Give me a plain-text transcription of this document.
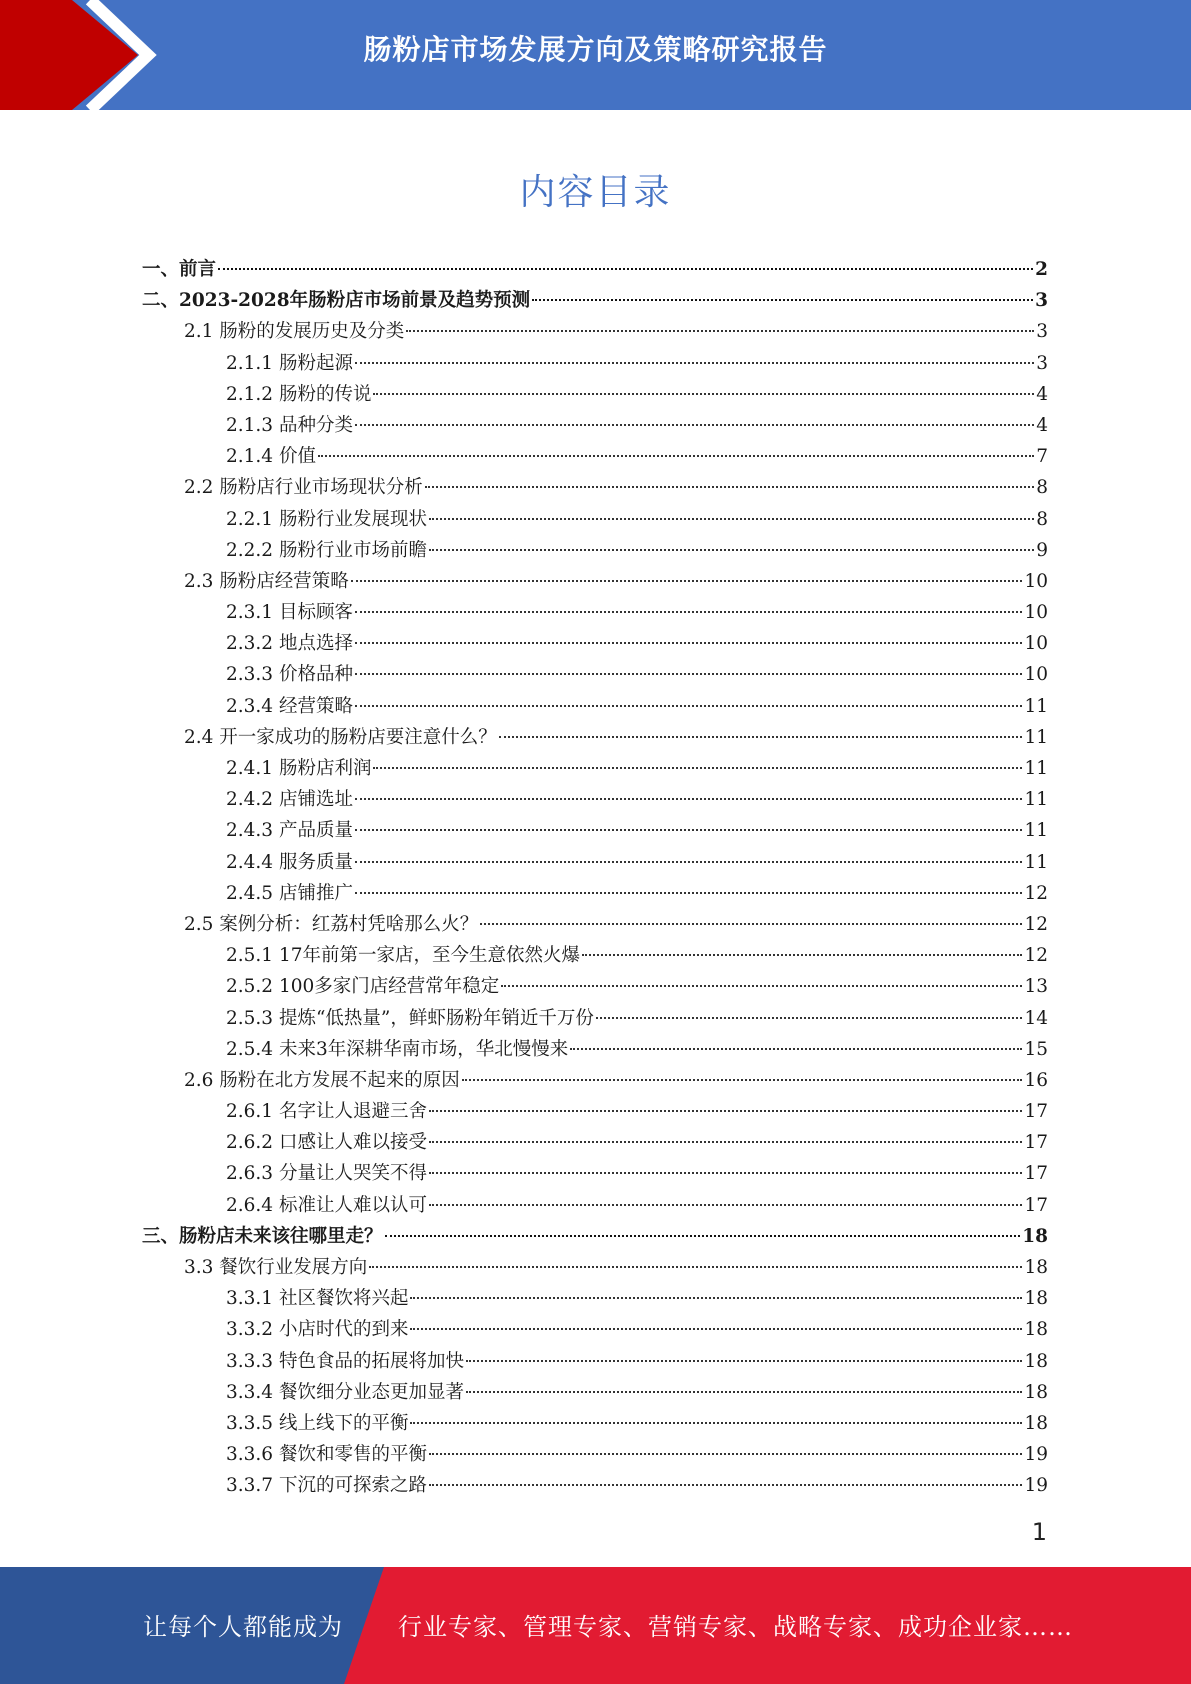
肠粉店市场发展方向及策略研究报告
内容目录
一、前言	2
二、2023-2028年肠粉店市场前景及趋势预测	3
2.1 肠粉的发展历史及分类	3
2.1.1 肠粉起源	3
2.1.2 肠粉的传说	4
2.1.3 品种分类	4
2.1.4 价值	7
2.2 肠粉店行业市场现状分析	8
2.2.1 肠粉行业发展现状	8
2.2.2 肠粉行业市场前瞻	9
2.3 肠粉店经营策略	10
2.3.1 目标顾客	10
2.3.2 地点选择	10
2.3.3 价格品种	10
2.3.4 经营策略	11
2.4 开一家成功的肠粉店要注意什么？	11
2.4.1 肠粉店利润	11
2.4.2 店铺选址	11
2.4.3 产品质量	11
2.4.4 服务质量	11
2.4.5 店铺推广	12
2.5 案例分析：红荔村凭啥那么火？	12
2.5.1 17年前第一家店，至今生意依然火爆	12
2.5.2 100多家门店经营常年稳定	13
2.5.3 提炼“低热量”，鲜虾肠粉年销近千万份	14
2.5.4 未来3年深耕华南市场，华北慢慢来	15
2.6 肠粉在北方发展不起来的原因	16
2.6.1 名字让人退避三舍	17
2.6.2 口感让人难以接受	17
2.6.3 分量让人哭笑不得	17
2.6.4 标准让人难以认可	17
三、肠粉店未来该往哪里走？	18
3.3 餐饮行业发展方向	18
3.3.1 社区餐饮将兴起	18
3.3.2 小店时代的到来	18
3.3.3 特色食品的拓展将加快	18
3.3.4 餐饮细分业态更加显著	18
3.3.5 线上线下的平衡	18
3.3.6 餐饮和零售的平衡	19
3.3.7 下沉的可探索之路	19
1
让每个人都能成为 行业专家、管理专家、营销专家、战略专家、成功企业家……
